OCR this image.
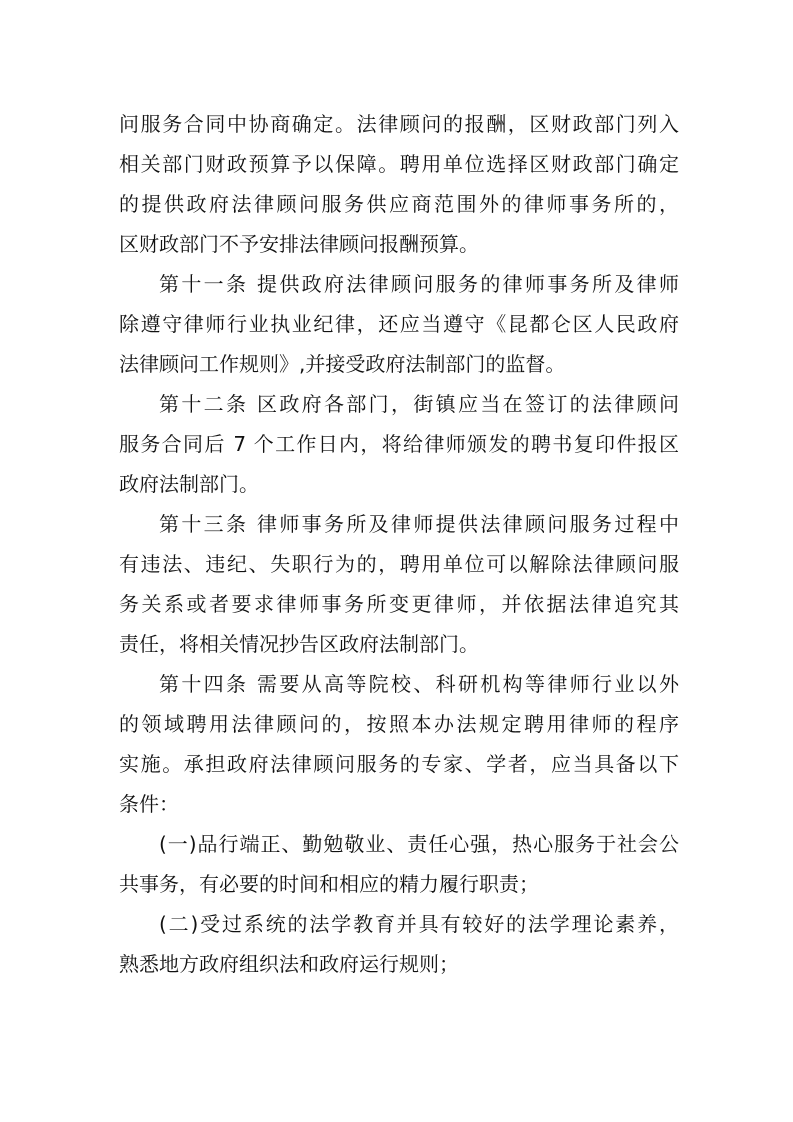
问服务合同中协商确定。法律顾问的报酬，区财政部门列入
相关部门财政预算予以保障。聘用单位选择区财政部门确定
的提供政府法律顾问服务供应商范围外的律师事务所的，
区财政部门不予安排法律顾问报酬预算。
第十一条 提供政府法律顾问服务的律师事务所及律师
除遵守律师行业执业纪律，还应当遵守《昆都仑区人民政府
法律顾问工作规则》,并接受政府法制部门的监督。
第十二条 区政府各部门，街镇应当在签订的法律顾问
服务合同后 7 个工作日内，将给律师颁发的聘书复印件报区
政府法制部门。
第十三条 律师事务所及律师提供法律顾问服务过程中
有违法、违纪、失职行为的，聘用单位可以解除法律顾问服
务关系或者要求律师事务所变更律师，并依据法律追究其
责任，将相关情况抄告区政府法制部门。
第十四条 需要从高等院校、科研机构等律师行业以外
的领域聘用法律顾问的，按照本办法规定聘用律师的程序
实施。承担政府法律顾问服务的专家、学者，应当具备以下
条件：
(一)品行端正、勤勉敬业、责任心强，热心服务于社会公
共事务，有必要的时间和相应的精力履行职责；
(二)受过系统的法学教育并具有较好的法学理论素养，
熟悉地方政府组织法和政府运行规则；
